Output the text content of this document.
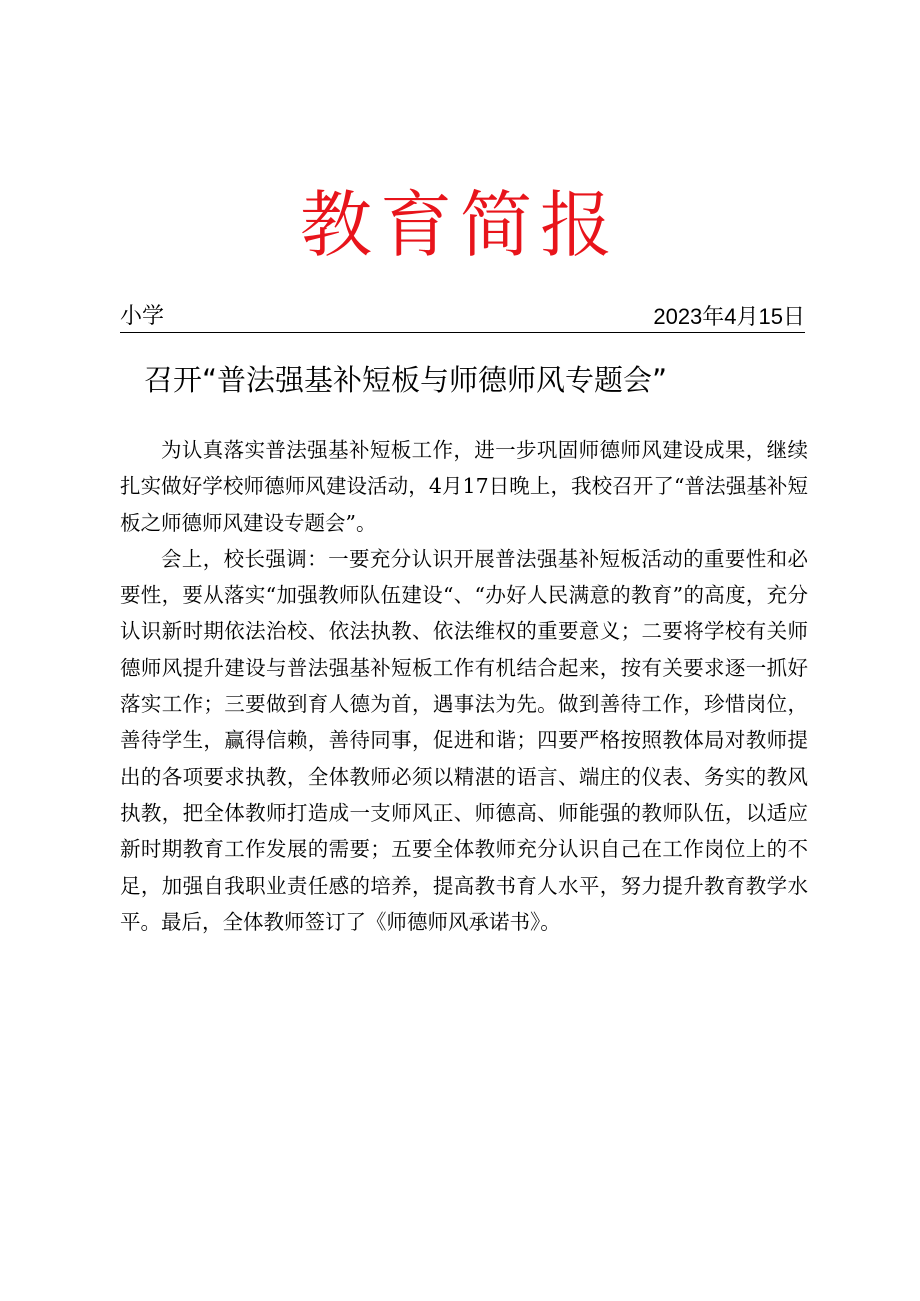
教育简报
小学	2023年4月15日
召开“普法强基补短板与师德师风专题会”

为认真落实普法强基补短板工作，进一步巩固师德师风建设成果，继续扎实做好学校师德师风建设活动，4月17日晚上，我校召开了“普法强基补短板之师德师风建设专题会”。

会上，校长强调：一要充分认识开展普法强基补短板活动的重要性和必要性，要从落实“加强教师队伍建设“、“办好人民满意的教育”的高度，充分认识新时期依法治校、依法执教、依法维权的重要意义；二要将学校有关师德师风提升建设与普法强基补短板工作有机结合起来，按有关要求逐一抓好落实工作；三要做到育人德为首，遇事法为先。做到善待工作，珍惜岗位，善待学生，赢得信赖，善待同事，促进和谐；四要严格按照教体局对教师提出的各项要求执教，全体教师必须以精湛的语言、端庄的仪表、务实的教风执教，把全体教师打造成一支师风正、师德高、师能强的教师队伍，以适应新时期教育工作发展的需要；五要全体教师充分认识自己在工作岗位上的不足，加强自我职业责任感的培养，提高教书育人水平，努力提升教育教学水平。最后，全体教师签订了《师德师风承诺书》。
